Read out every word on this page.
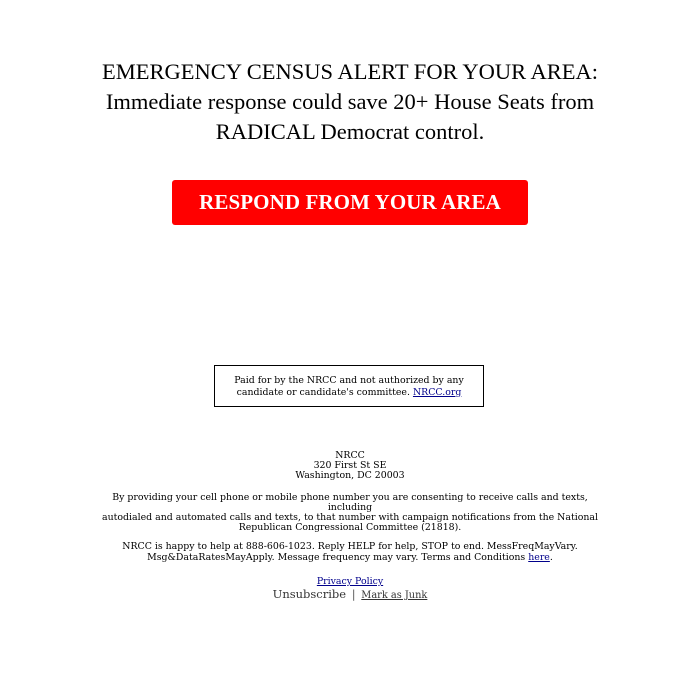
EMERGENCY CENSUS ALERT FOR YOUR AREA:
Immediate response could save 20+ House Seats from
RADICAL Democrat control.
RESPOND FROM YOUR AREA
Paid for by the NRCC and not authorized by any
candidate or candidate's committee. NRCC.org
NRCC
320 First St SE
Washington, DC 20003
By providing your cell phone or mobile phone number you are consenting to receive calls and texts, including
autodialed and automated calls and texts, to that number with campaign notifications from the National
Republican Congressional Committee (21818).
NRCC is happy to help at 888-606-1023. Reply HELP for help, STOP to end. MessFreqMayVary.
Msg&DataRatesMayApply. Message frequency may vary. Terms and Conditions here.
Privacy Policy
Unsubscribe | Mark as Junk
